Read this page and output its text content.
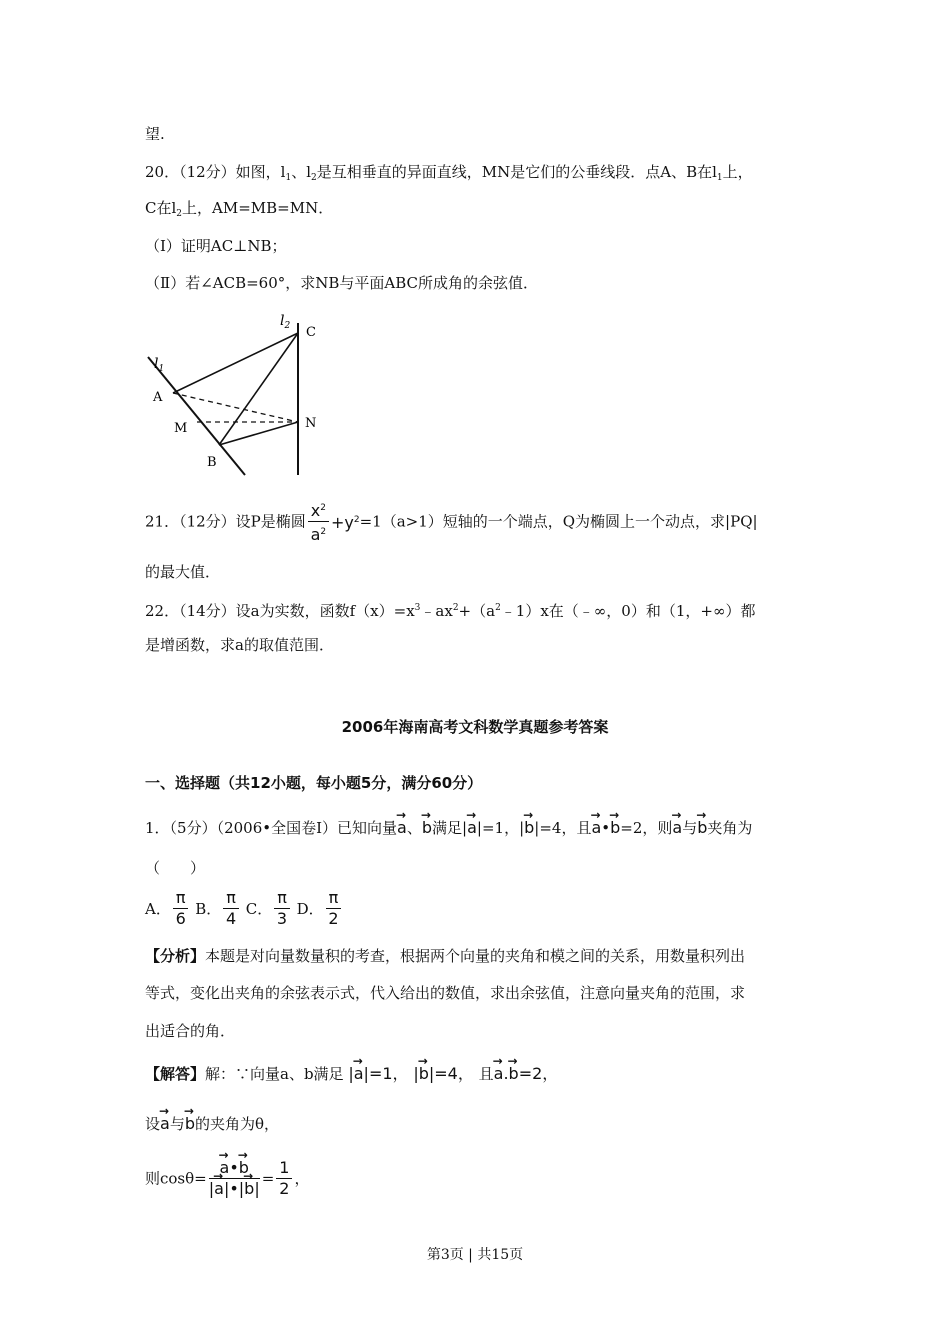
望.
20．（12分）如图，$l_1$、$l_2$是互相垂直的异面直线，MN是它们的公垂线段．点A、B在$l_1$上，
C在$l_2$上，AM=MB=MN．
（Ⅰ）证明AC⊥NB；
（Ⅱ）若∠ACB=60°，求NB与平面ABC所成角的余弦值．
$l_1$
$l_2$ C
A
M	N
B
21．（12分）设P是椭圆 $\frac{x^2}{a^2} +y^2=1(a>1)$短轴的一个端点，Q为椭圆上一个动点，求|PQ|
的最大值．
22．（14分）设a为实数，函数$f(x)=x^3﹣ax^2+(a^2﹣1)x$在（﹣∞，0）和（1，+∞）都
是增函数，求a的取值范围．
2006年海南高考文科数学真题参考答案
一、选择题（共12小题，每小题5分，满分60分）
1．（5分）（2006•全国卷Ⅰ）已知向量→ a、→ b满足|→ a|=1，|→ b|=4，且→ a•→ b=2，则→ a与→ b夹角为
（　　）
A． $\frac{\pi}{6}$ B． $\frac{\pi}{4}$ C． $\frac{\pi}{3}$ D． $\frac{\pi}{2}$
【分析】本题是对向量数量积的考查，根据两个向量的夹角和模之间的关系，用数量积列出
等式，变化出夹角的余弦表示式，代入给出的数值，求出余弦值，注意向量夹角的范围，求
出适合的角．
【解答】解：∵向量a、b满足 |→ a|=1， |→ b|=4， 且→ a.→ b=2，
设→ a与→ b的夹角为θ，
则cosθ=
→ $\frac{a•\to b}{|\to a|•|\to b|} = \frac{1}{2}$ ，
第3页 | 共15页
